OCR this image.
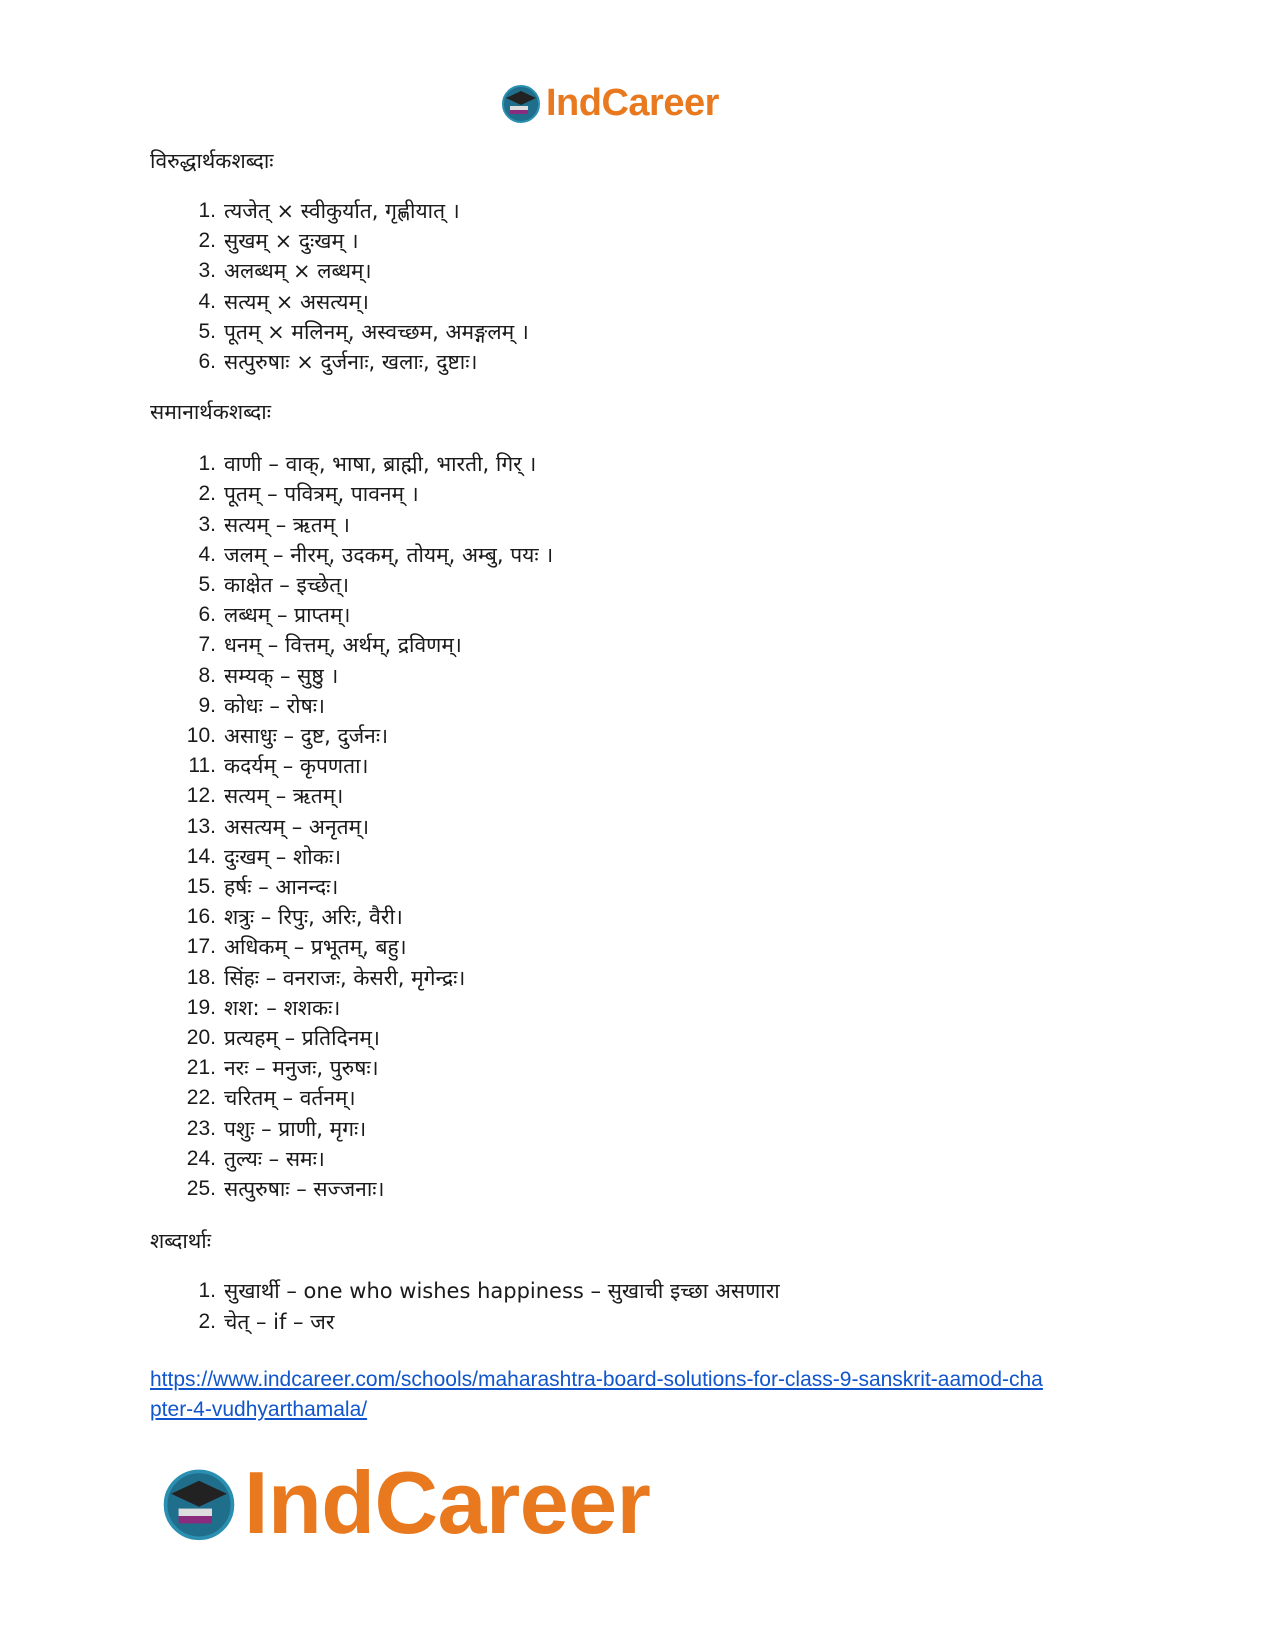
IndCareer

विरुद्धार्थकशब्दाः

1. त्यजेत् × स्वीकुर्यात, गृह्णीयात् ।
2. सुखम् × दुःखम् ।
3. अलब्धम् × लब्धम्।
4. सत्यम् × असत्यम्।
5. पूतम् × मलिनम्, अस्वच्छम, अमङ्गलम् ।
6. सत्पुरुषाः × दुर्जनाः, खलाः, दुष्टाः।

समानार्थकशब्दाः

1. वाणी – वाक्, भाषा, ब्राह्मी, भारती, गिर् ।
2. पूतम् – पवित्रम्, पावनम् ।
3. सत्यम् – ऋतम् ।
4. जलम् – नीरम्, उदकम्, तोयम्, अम्बु, पयः ।
5. काक्षेत – इच्छेत्।
6. लब्धम् – प्राप्तम्।
7. धनम् – वित्तम्, अर्थम्, द्रविणम्।
8. सम्यक् – सुष्ठु ।
9. कोधः – रोषः।
10. असाधुः – दुष्ट, दुर्जनः।
11. कदर्यम् – कृपणता।
12. सत्यम् – ऋतम्।
13. असत्यम् – अनृतम्।
14. दुःखम् – शोकः।
15. हर्षः – आनन्दः।
16. शत्रुः – रिपुः, अरिः, वैरी।
17. अधिकम् – प्रभूतम्, बहु।
18. सिंहः – वनराजः, केसरी, मृगेन्द्रः।
19. शश: – शशकः।
20. प्रत्यहम् – प्रतिदिनम्।
21. नरः – मनुजः, पुरुषः।
22. चरितम् – वर्तनम्।
23. पशुः – प्राणी, मृगः।
24. तुल्यः – समः।
25. सत्पुरुषाः – सज्जनाः।

शब्दार्थाः

1. सुखार्थी – one who wishes happiness – सुखाची इच्छा असणारा
2. चेत् – if – जर
https://www.indcareer.com/schools/maharashtra-board-solutions-for-class-9-sanskrit-aamod-cha
pter-4-vudhyarthamala/
IndCareer
